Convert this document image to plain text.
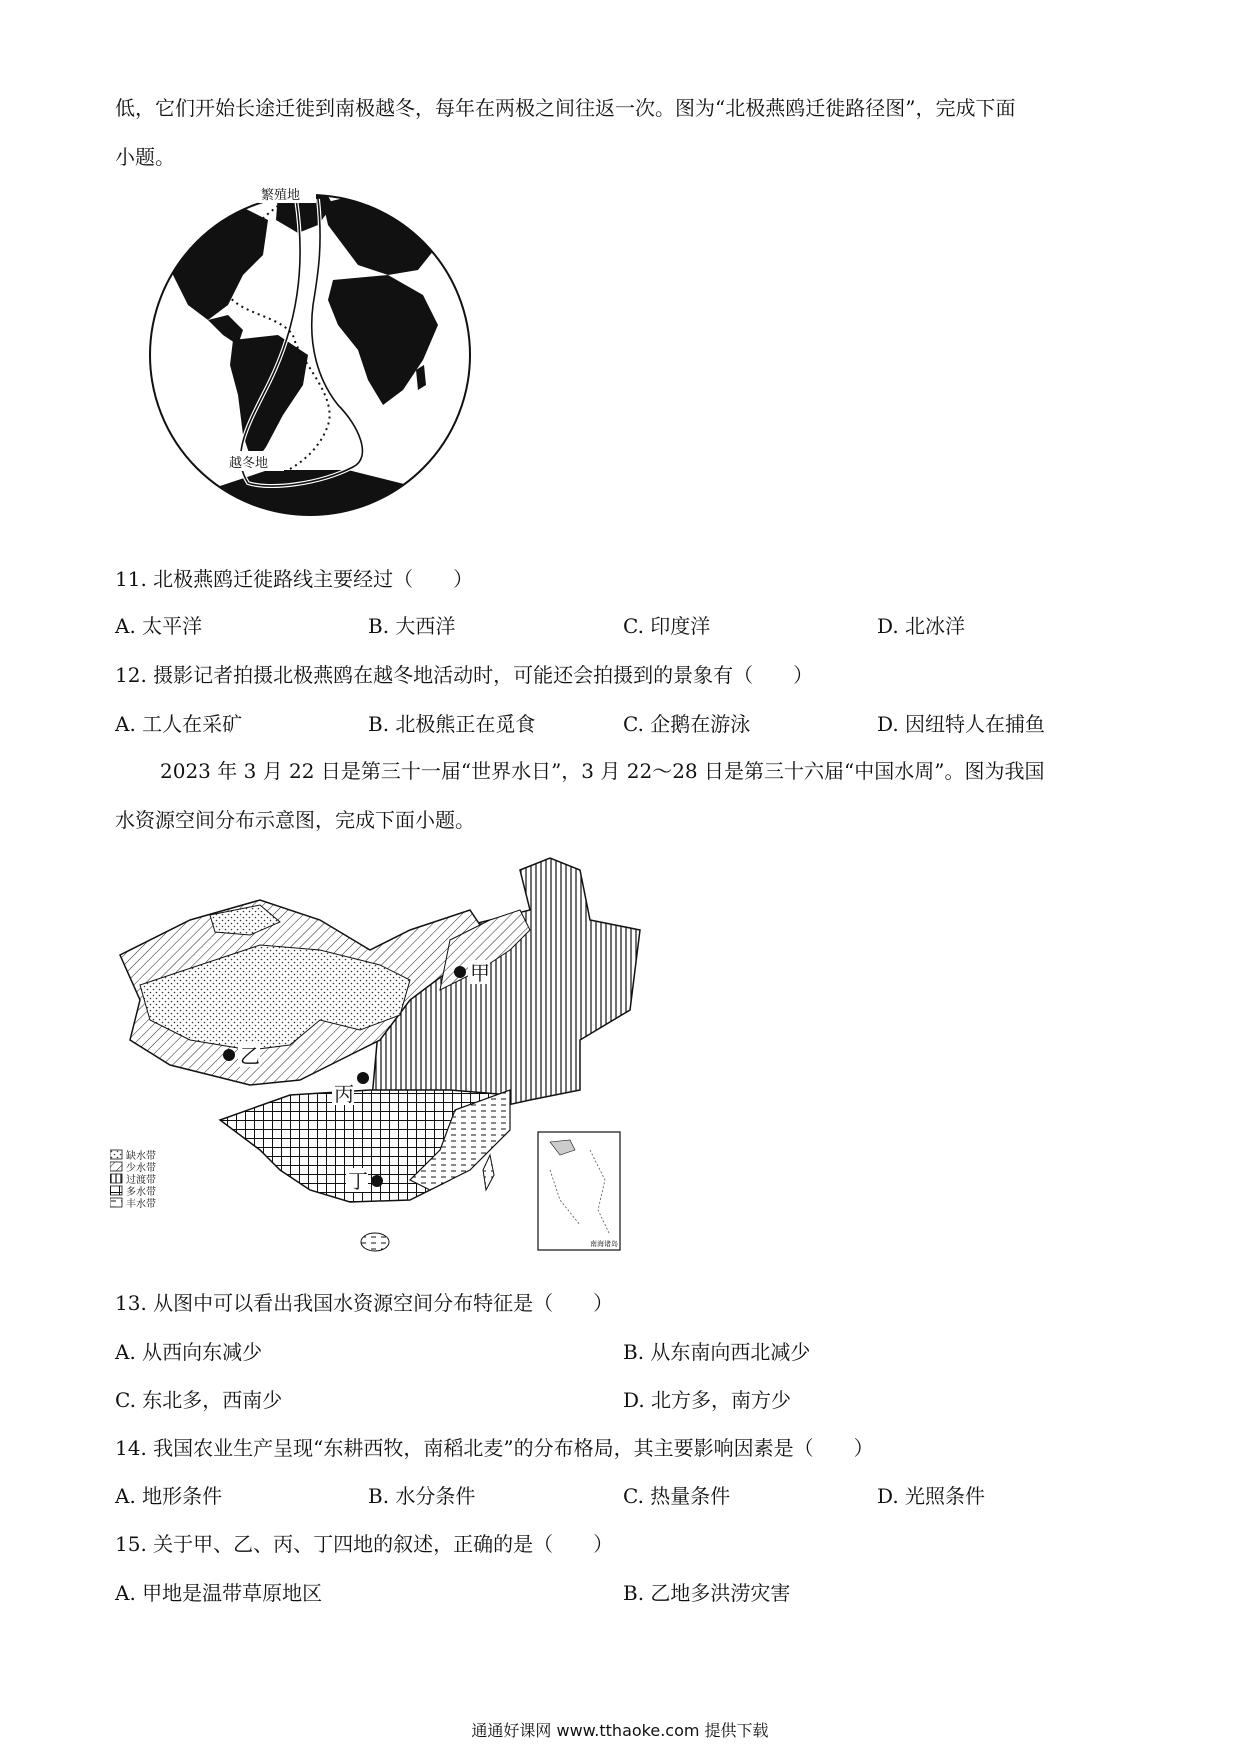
低，它们开始长途迁徙到南极越冬，每年在两极之间往返一次。图为“北极燕鸥迁徙路径图”，完成下面
小题。
繁殖地
越冬地
11. 北极燕鸥迁徙路线主要经过（　　）
A. 太平洋	B. 大西洋	C. 印度洋	D. 北冰洋
12. 摄影记者拍摄北极燕鸥在越冬地活动时，可能还会拍摄到的景象有（　　）
A. 工人在采矿	B. 北极熊正在觅食	C. 企鹅在游泳	D. 因纽特人在捕鱼
2023 年 3 月 22 日是第三十一届“世界水日”，3 月 22～28 日是第三十六届“中国水周”。图为我国
水资源空间分布示意图，完成下面小题。
甲
乙
丙
丁
缺水带
少水带
过渡带
多水带
丰水带
南海诸岛
13. 从图中可以看出我国水资源空间分布特征是（　　）
A. 从西向东减少	B. 从东南向西北减少
C. 东北多，西南少	D. 北方多，南方少
14. 我国农业生产呈现“东耕西牧，南稻北麦”的分布格局，其主要影响因素是（　　）
A. 地形条件	B. 水分条件	C. 热量条件	D. 光照条件
15. 关于甲、乙、丙、丁四地的叙述，正确的是（　　）
A. 甲地是温带草原地区	B. 乙地多洪涝灾害
通通好课网 www.tthaoke.com 提供下载
